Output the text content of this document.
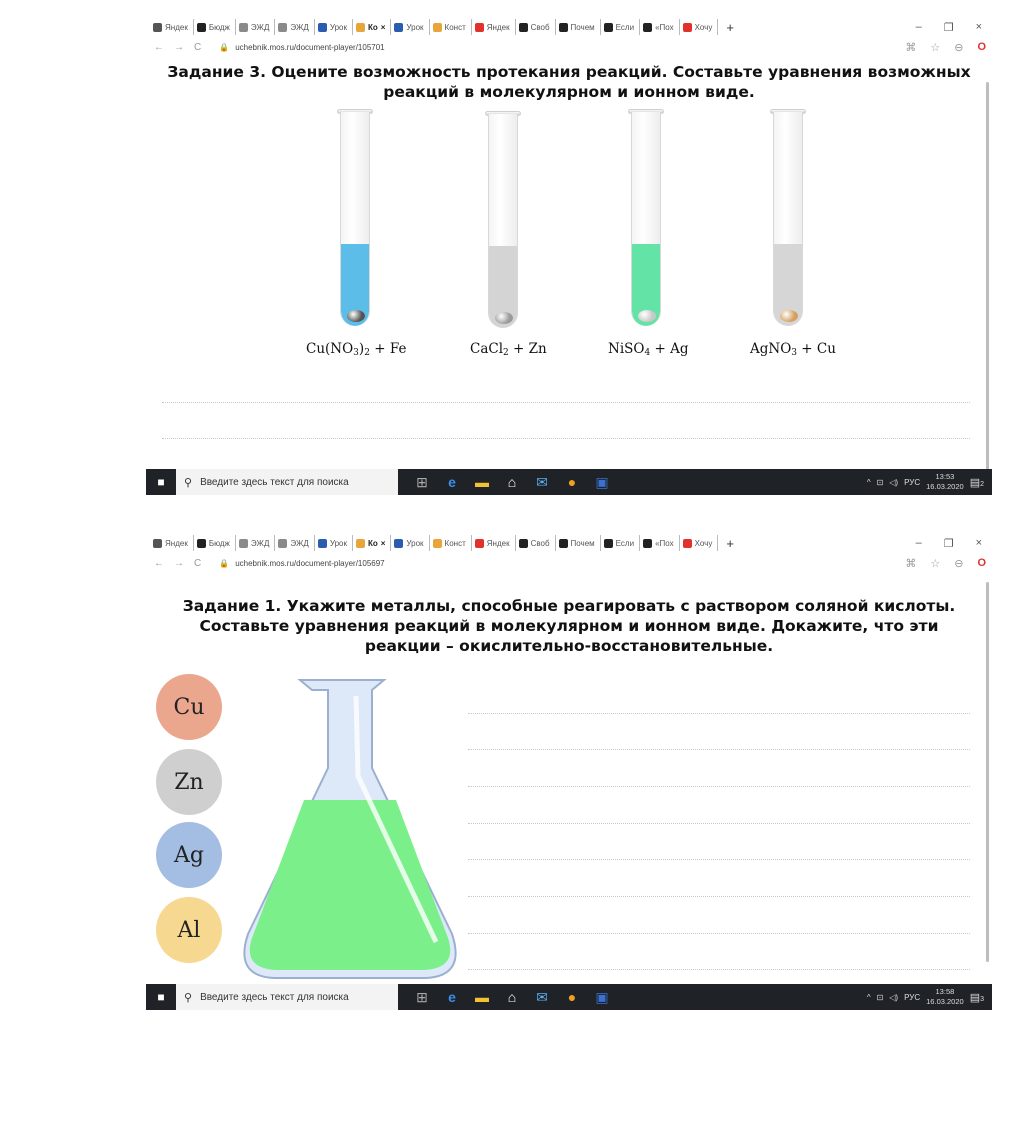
Яндек	Бюдж	ЭЖД	ЭЖД	Урок	Ко ×	Урок	Конст	Яндек	Своб	Почем	Если	«Пох	Хочу +	– ❐ ×
← → C 🔒 uchebnik.mos.ru/document-player/105701	⌘ ☆ ⊖ O
Задание 3. Оцените возможность протекания реакций. Составьте уравнения возможных реакций в молекулярном и ионном виде.
$Cu(NO_3)_2 + Fe$	CaCl$_2$ + Zn	NiSO$_4$ + Ag	AgNO$_3$ + Cu
■	⚲ Введите здесь текст для поиска	⊞ e ▬ ⌂ ✉ ● ▣	^ ⊡ ◁) РУС
13:53
16.03.2020 ▤2
Яндек	Бюдж	ЭЖД	ЭЖД	Урок	Ко ×	Урок	Конст	Яндек	Своб	Почем	Если	«Пох	Хочу +	– ❐ ×
← → C 🔒 uchebnik.mos.ru/document-player/105697	⌘ ☆ ⊖ O
Задание 1. Укажите металлы, способные реагировать с раствором соляной кислоты.
Составьте уравнения реакций в молекулярном и ионном виде. Докажите, что эти
реакции – окислительно-восстановительные.
Cu
Zn
Ag
Al
■	⚲ Введите здесь текст для поиска	⊞ e ▬ ⌂ ✉ ● ▣	^ ⊡ ◁) РУС
13:58
16.03.2020 ▤3
